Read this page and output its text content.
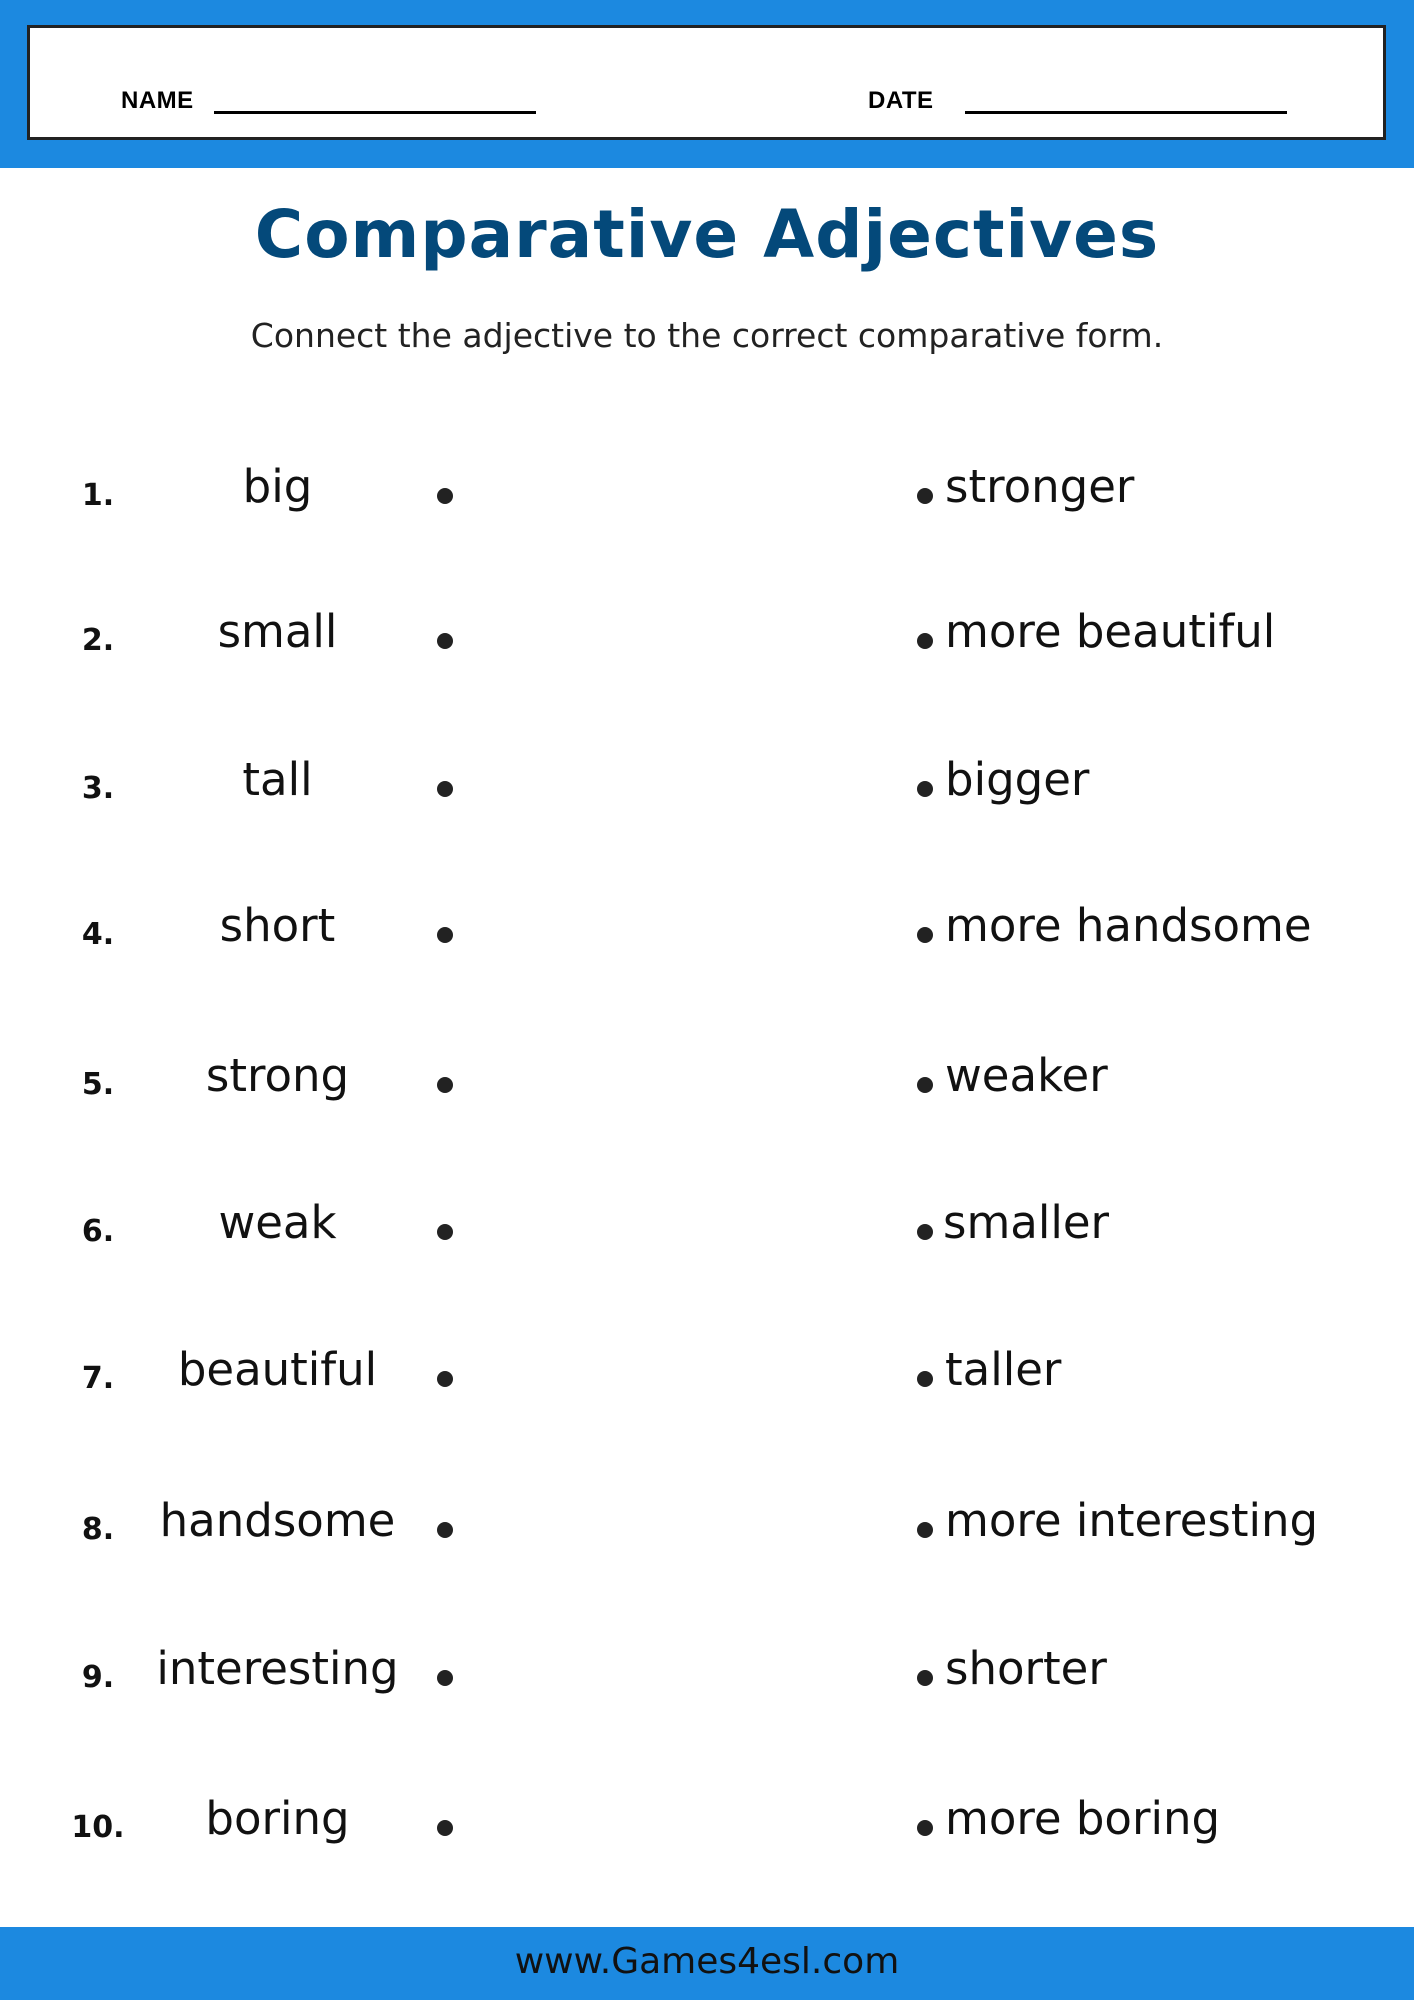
NAME	DATE
Comparative Adjectives
Connect the adjective to the correct comparative form.
1.	big	stronger
2.	small	more beautiful
3.	tall	bigger
4.	short	more handsome
5.	strong	weaker
6.	weak	smaller
7.	beautiful	taller
8.	handsome	more interesting
9. interesting	shorter
10.	boring	more boring
www.Games4esl.com
